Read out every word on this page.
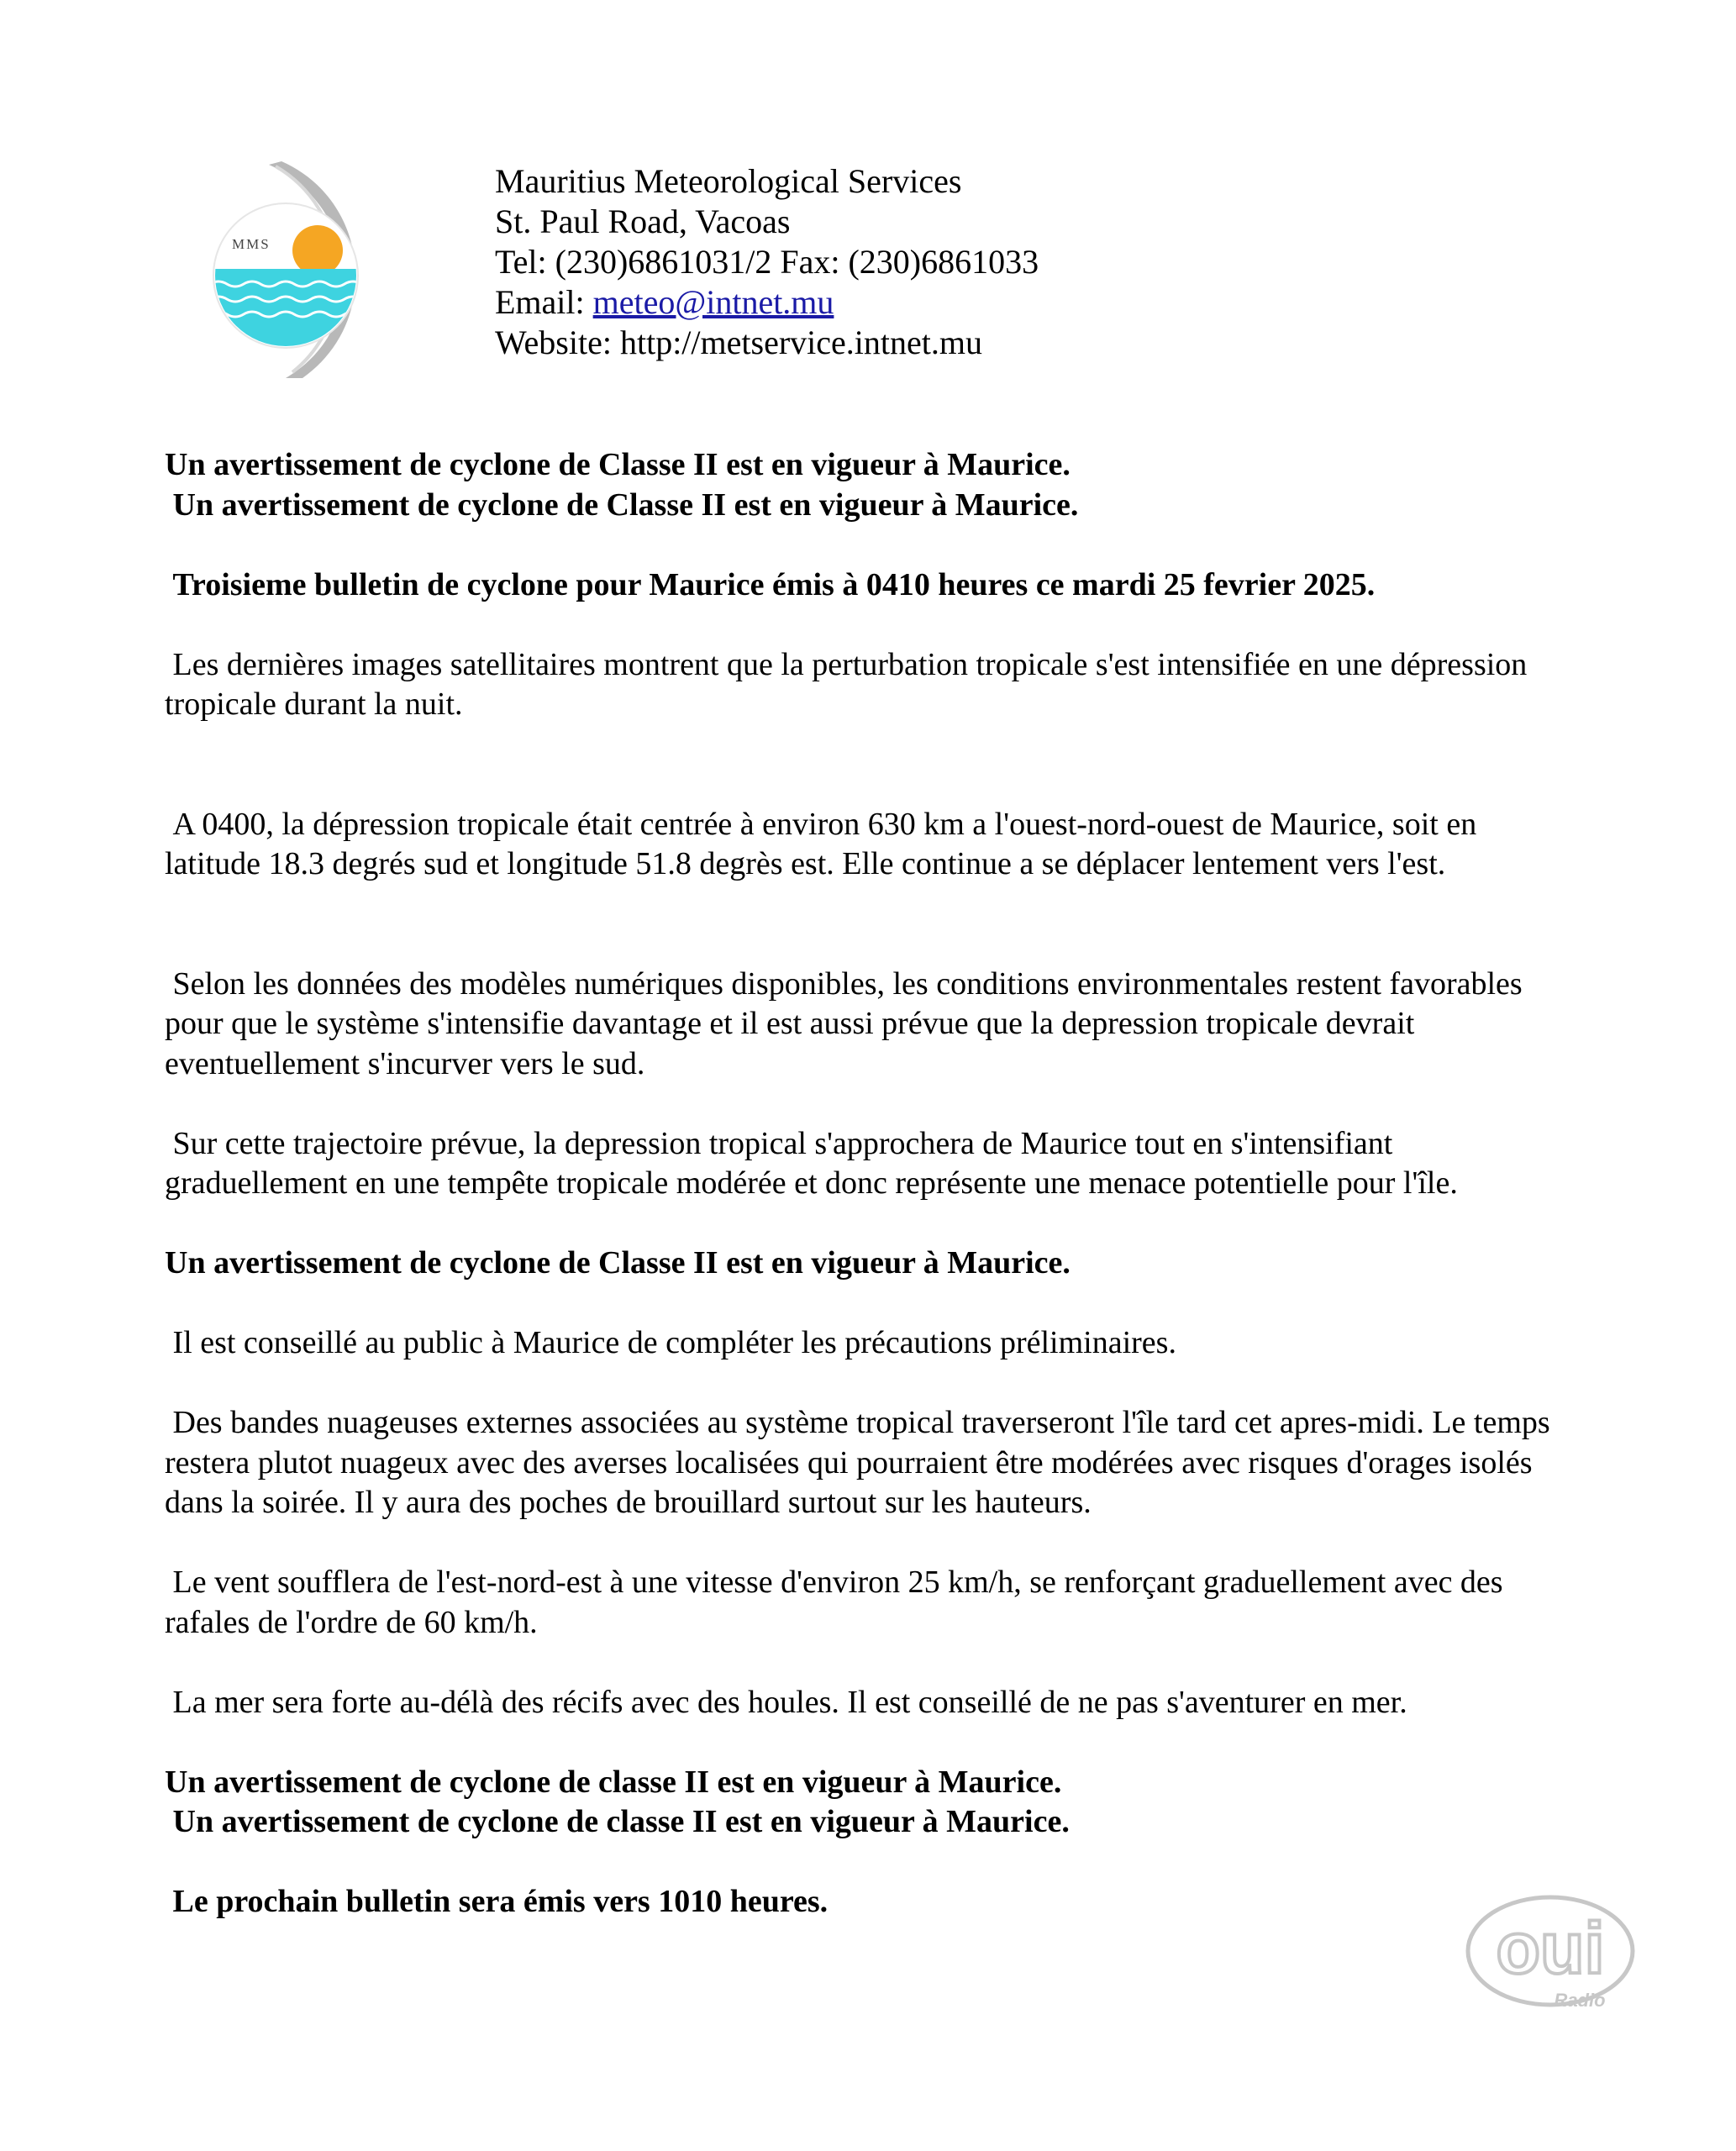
MMS
Mauritius Meteorological Services
St. Paul Road, Vacoas
Tel: (230)6861031/2 Fax: (230)6861033
Email: meteo@intnet.mu
Website: http://metservice.intnet.mu

Un avertissement de cyclone de Classe II est en vigueur à Maurice.

Un avertissement de cyclone de Classe II est en vigueur à Maurice.

Troisieme bulletin de cyclone pour Maurice émis à 0410 heures ce mardi 25 fevrier 2025.

Les dernières images satellitaires montrent que la perturbation tropicale s'est intensifiée en une dépression tropicale durant la nuit.

A 0400, la dépression tropicale était centrée à environ 630 km a l'ouest-nord-ouest de Maurice, soit en latitude 18.3 degrés sud et longitude 51.8 degrès est. Elle continue a se déplacer lentement vers l'est.

Selon les données des modèles numériques disponibles, les conditions environmentales restent favorables pour que le système s'intensifie davantage et il est aussi prévue que la depression tropicale devrait eventuellement s'incurver vers le sud.

Sur cette trajectoire prévue, la depression tropical s'approchera de Maurice tout en s'intensifiant graduellement en une tempête tropicale modérée et donc représente une menace potentielle pour l'île.

Un avertissement de cyclone de Classe II est en vigueur à Maurice.

Il est conseillé au public à Maurice de compléter les précautions préliminaires.

Des bandes nuageuses externes associées au système tropical traverseront l'île tard cet apres-midi. Le temps restera plutot nuageux avec des averses localisées qui pourraient être modérées avec risques d'orages isolés dans la soirée. Il y aura des poches de brouillard surtout sur les hauteurs.

Le vent soufflera de l'est-nord-est à une vitesse d'environ 25 km/h, se renforçant graduellement avec des rafales de l'ordre de 60 km/h.

La mer sera forte au-délà des récifs avec des houles. Il est conseillé de ne pas s'aventurer en mer.

Un avertissement de cyclone de classe II est en vigueur à Maurice.

Un avertissement de cyclone de classe II est en vigueur à Maurice.

Le prochain bulletin sera émis vers 1010 heures.

oui
Radio
